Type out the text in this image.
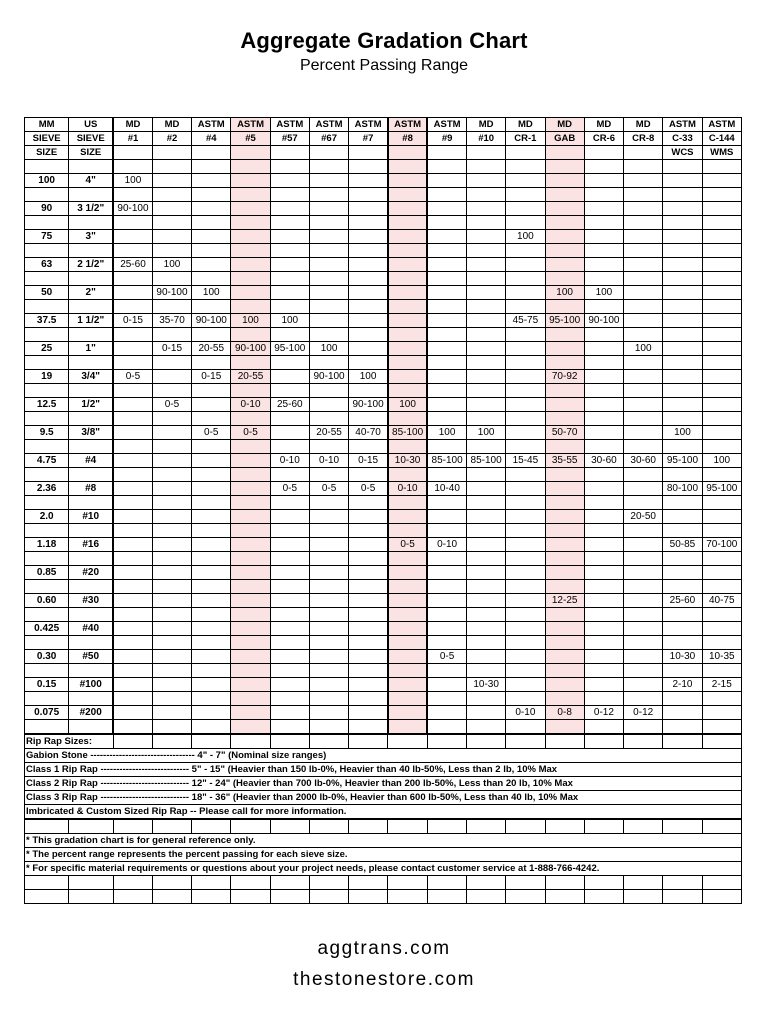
Aggregate Gradation Chart
Percent Passing Range
MM	US	MD	MD	ASTM	ASTM	ASTM	ASTM	ASTM	ASTM	ASTM	MD	MD	MD	MD	MD	ASTM	ASTM
SIEVE	SIEVE	#1	#2	#4	#5	#57	#67	#7	#8	#9	#10	CR-1	GAB	CR-6	CR-8	C-33	C-144
SIZE	SIZE															WCS	WMS

100	4"	100															

90	3 1/2"	90-100															

75	3"											100					

63	2 1/2"	25-60	100														

50	2"		90-100	100									100	100			

37.5	1 1/2"	0-15	35-70	90-100	100	100						45-75	95-100	90-100			

25	1"		0-15	20-55	90-100	95-100	100								100		

19	3/4"	0-5		0-15	20-55		90-100	100					70-92				

12.5	1/2"		0-5		0-10	25-60		90-100	100								

9.5	3/8"			0-5	0-5		20-55	40-70	85-100	100	100		50-70			100	

4.75	#4					0-10	0-10	0-15	10-30	85-100	85-100	15-45	35-55	30-60	30-60	95-100	100

2.36	#8					0-5	0-5	0-5	0-10	10-40						80-100	95-100

2.0	#10														20-50		

1.18	#16								0-5	0-10						50-85	70-100

0.85	#20																

0.60	#30												12-25			25-60	40-75

0.425	#40																

0.30	#50									0-5						10-30	10-35

0.15	#100										10-30					2-10	2-15

0.075	#200											0-10	0-8	0-12	0-12		

Rip Rap Sizes:																	
Gabion Stone --------------------------------- 4" - 7" (Nominal size ranges)																	
Class 1 Rip Rap ---------------------------- 5" - 15" (Heavier than 150 lb-0%, Heavier than 40 lb-50%, Less than 2 lb, 10% Max																	
Class 2 Rip Rap ---------------------------- 12" - 24" (Heavier than 700 lb-0%, Heavier than 200 lb-50%, Less than 20 lb, 10% Max																	
Class 3 Rip Rap ---------------------------- 18" - 36" (Heavier than 2000 lb-0%, Heavier than 600 lb-50%, Less than 40 lb, 10% Max																	
Imbricated & Custom Sized Rip Rap -- Please call for more information.																	

* This gradation chart is for general reference only.																	
* The percent range represents the percent passing for each sieve size.																	
* For specific material requirements or questions about your project needs, please contact customer service at 1-888-766-4242.																	

aggtrans.com
thestonestore.com
